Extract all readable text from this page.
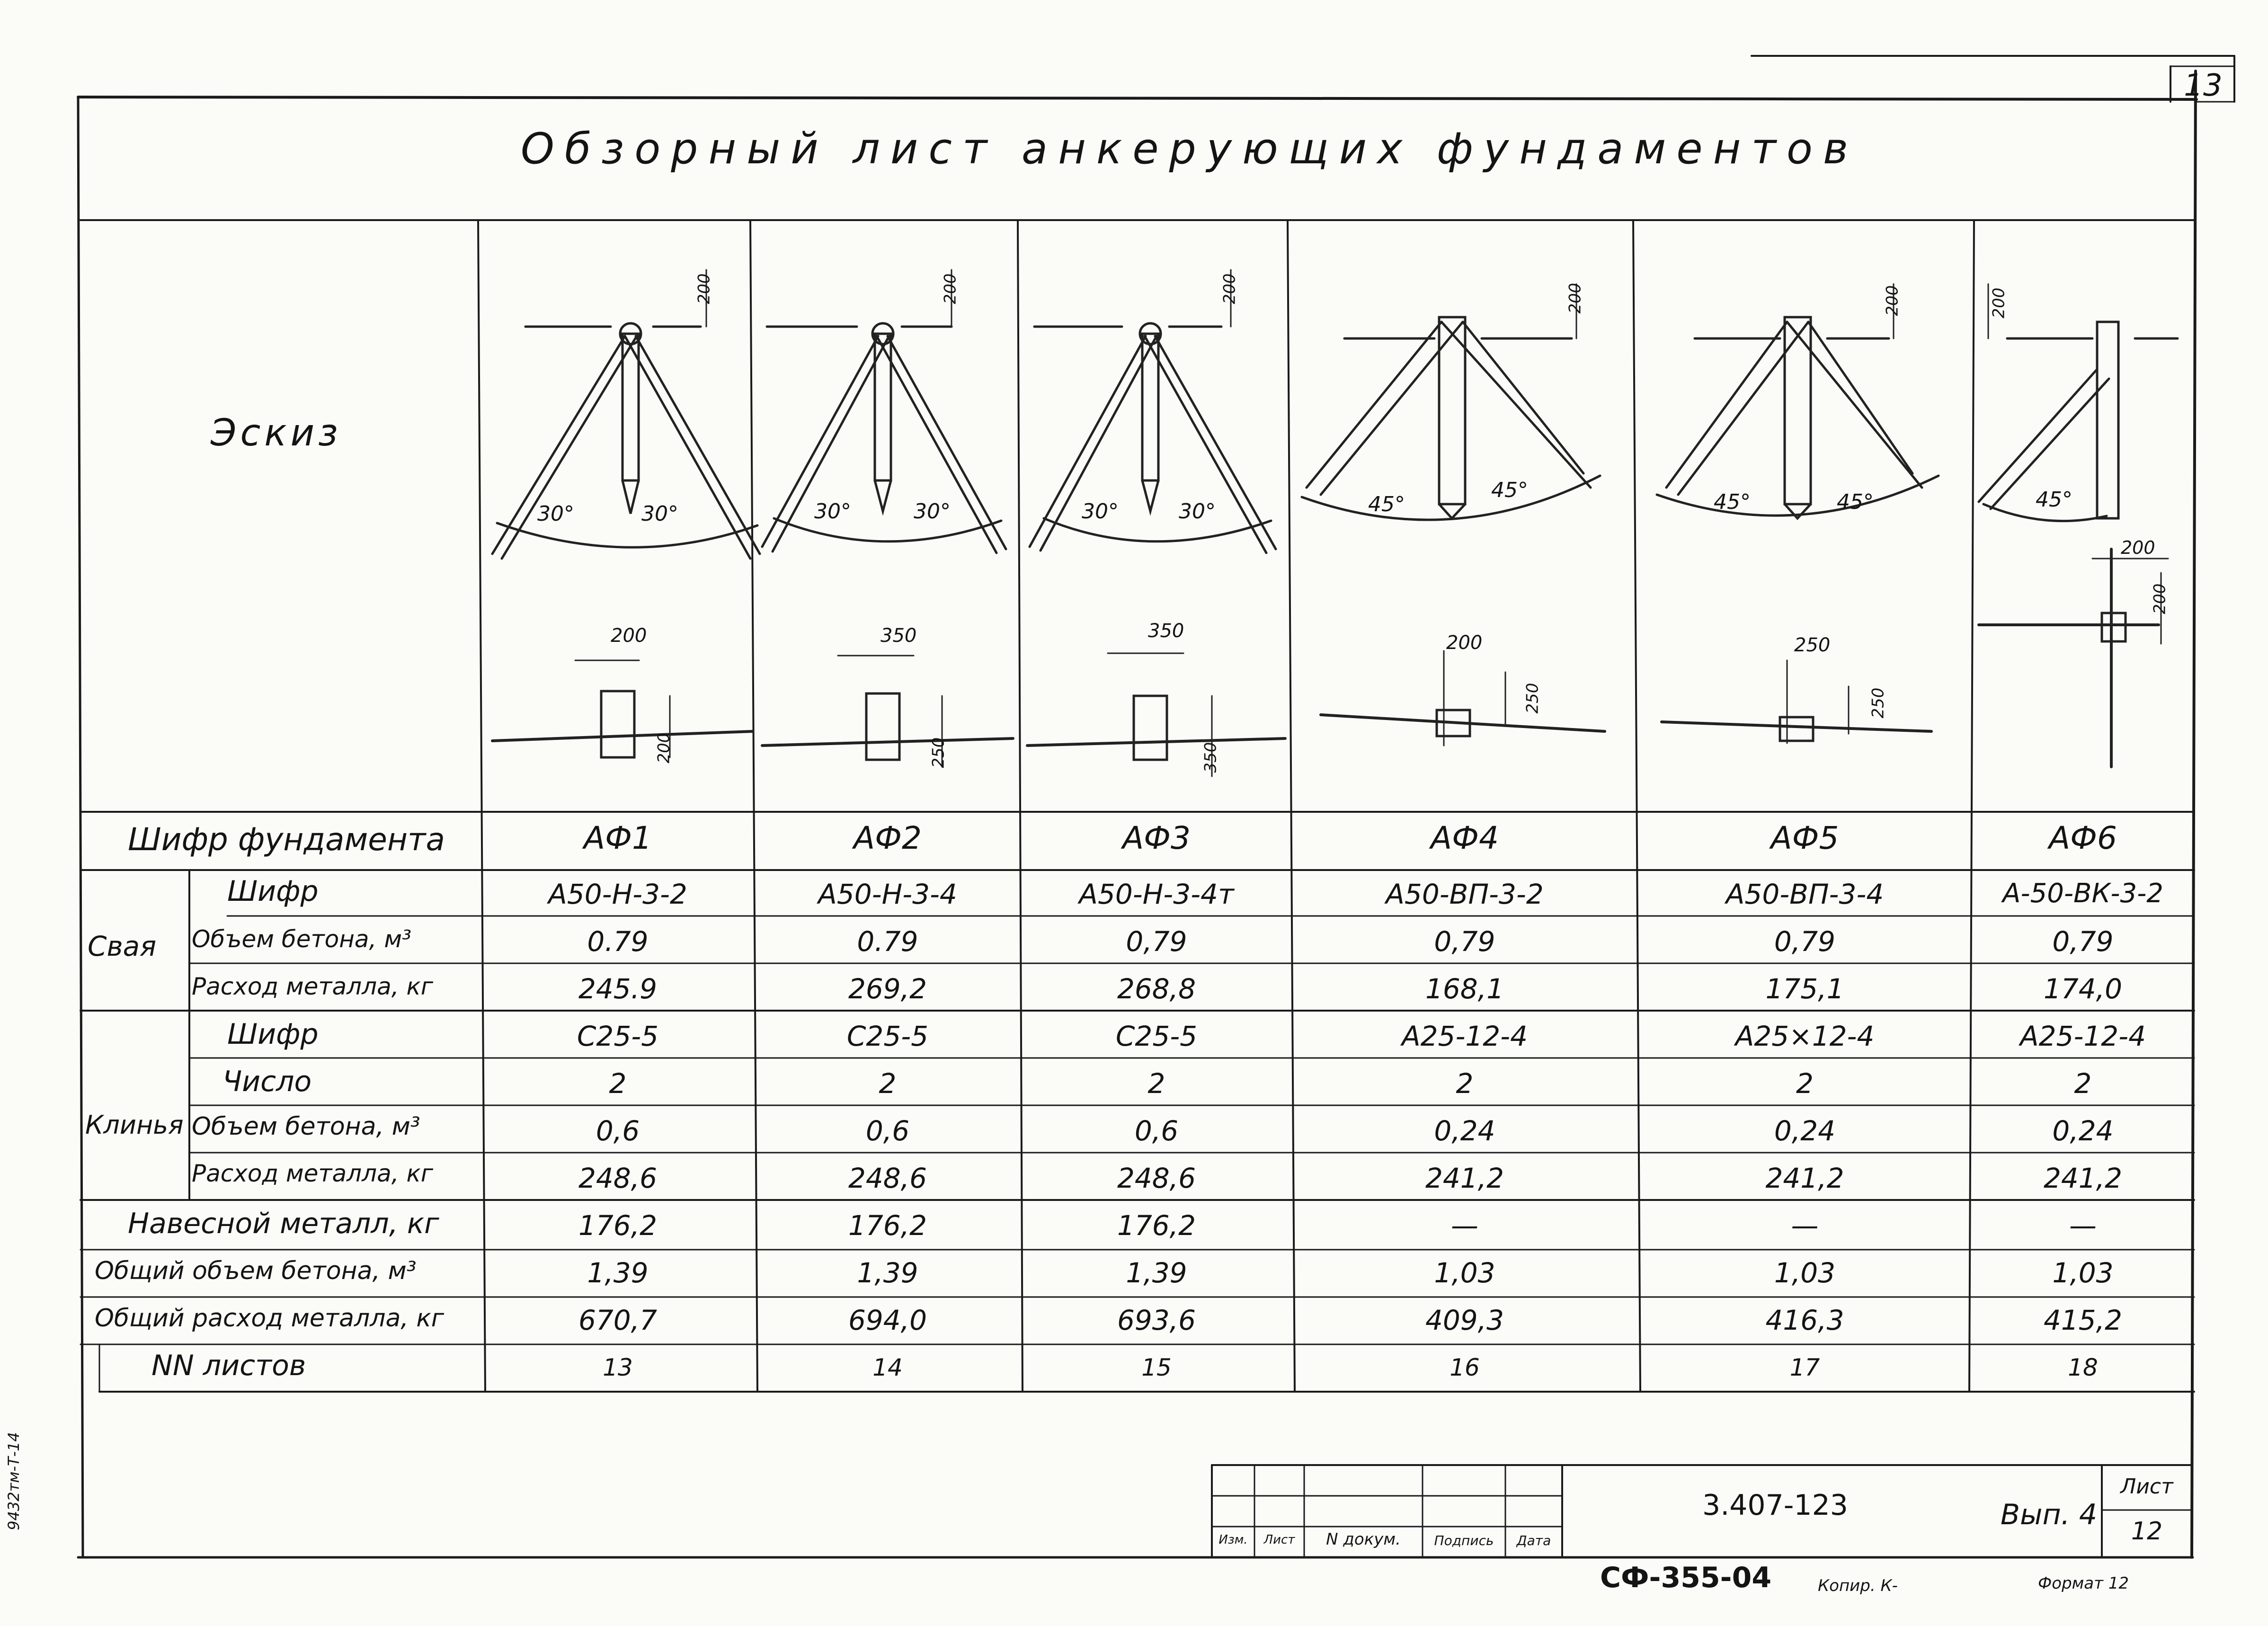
13
Обзорный лист анкерующих фундаментов
Эскиз
30°	30°
200
200
200
30°	30°
200
350
250
30°	30°
200
350
350
45°
45°
200
200
250
45°	45°
200
250
250
45°
200
200
200
Шифр фундамента	АФ1	АФ2	АФ3	АФ4	АФ5	АФ6
Свая
Клинья
Шифр	А50-Н-3-2	А50-Н-3-4	А50-Н-3-4т	А50-ВП-3-2	А50-ВП-3-4	А-50-ВК-3-2
Объем бетона, м³	0.79	0.79	0,79	0,79	0,79	0,79
Расход металла, кг	245.9	269,2	268,8	168,1	175,1	174,0
Шифр	С25-5	С25-5	С25-5	А25-12-4	А25×12-4	А25-12-4
Число	2	2	2	2	2	2
Объем бетона, м³	0,6	0,6	0,6	0,24	0,24	0,24
Расход металла, кг	248,6	248,6	248,6	241,2	241,2	241,2
Навесной металл, кг	176,2	176,2	176,2	—	—	—
Общий объем бетона, м³	1,39	1,39	1,39	1,03	1,03	1,03
Общий расход металла, кг	670,7	694,0	693,6	409,3	416,3	415,2
NN листов	13	14	15	16	17	18
Изм.	Лист	N докум.	Подпись	Дата
3.407-123	Вып. 4
Лист
12
СФ-355-04	Копир. К-	Формат 12
9432тм-Т-14
